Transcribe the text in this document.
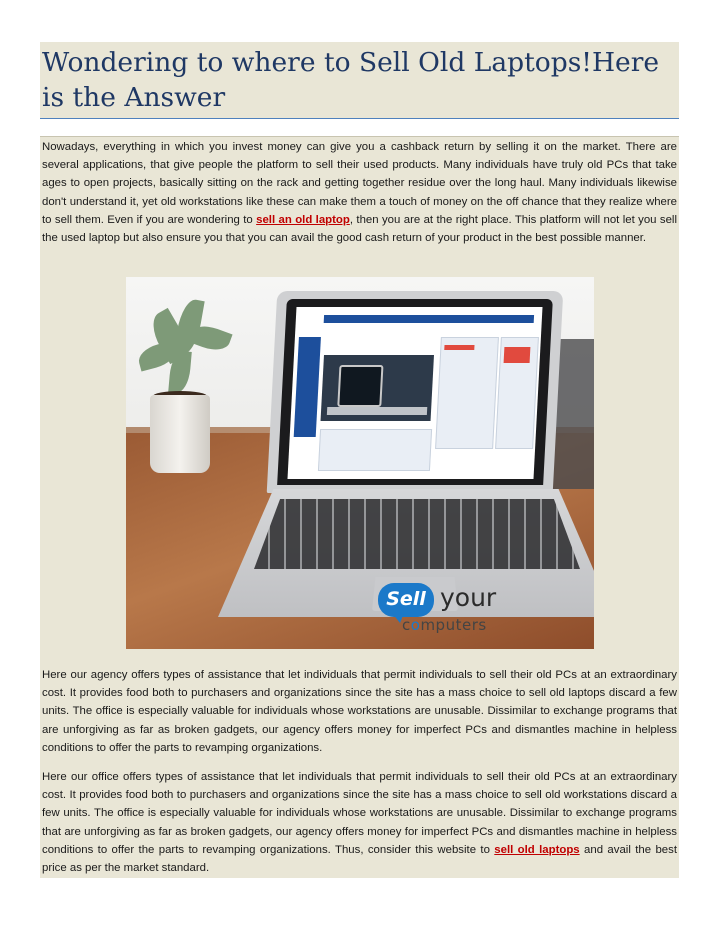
Wondering to where to Sell Old Laptops!Here is the Answer

Nowadays, everything in which you invest money can give you a cashback return by selling it on the market. There are several applications, that give people the platform to sell their used products. Many individuals have truly old PCs that take ages to open projects, basically sitting on the rack and getting together residue over the long haul. Many individuals likewise don't understand it, yet old workstations like these can make them a touch of money on the off chance that they realize where to sell them. Even if you are wondering to sell an old laptop, then you are at the right place. This platform will not let you sell the used laptop but also ensure you that you can avail the good cash return of your product in the best possible manner.

Sell your
computers

Here our agency offers types of assistance that let individuals that permit individuals to sell their old PCs at an extraordinary cost. It provides food both to purchasers and organizations since the site has a mass choice to sell old laptops discard a few units. The office is especially valuable for individuals whose workstations are unusable. Dissimilar to exchange programs that are unforgiving as far as broken gadgets, our agency offers money for imperfect PCs and dismantles machine in helpless conditions to offer the parts to revamping organizations.

Here our office offers types of assistance that let individuals that permit individuals to sell their old PCs at an extraordinary cost. It provides food both to purchasers and organizations since the site has a mass choice to sell old workstations discard a few units. The office is especially valuable for individuals whose workstations are unusable. Dissimilar to exchange programs that are unforgiving as far as broken gadgets, our agency offers money for imperfect PCs and dismantles machine in helpless conditions to offer the parts to revamping organizations. Thus, consider this website to sell old laptops and avail the best price as per the market standard.
